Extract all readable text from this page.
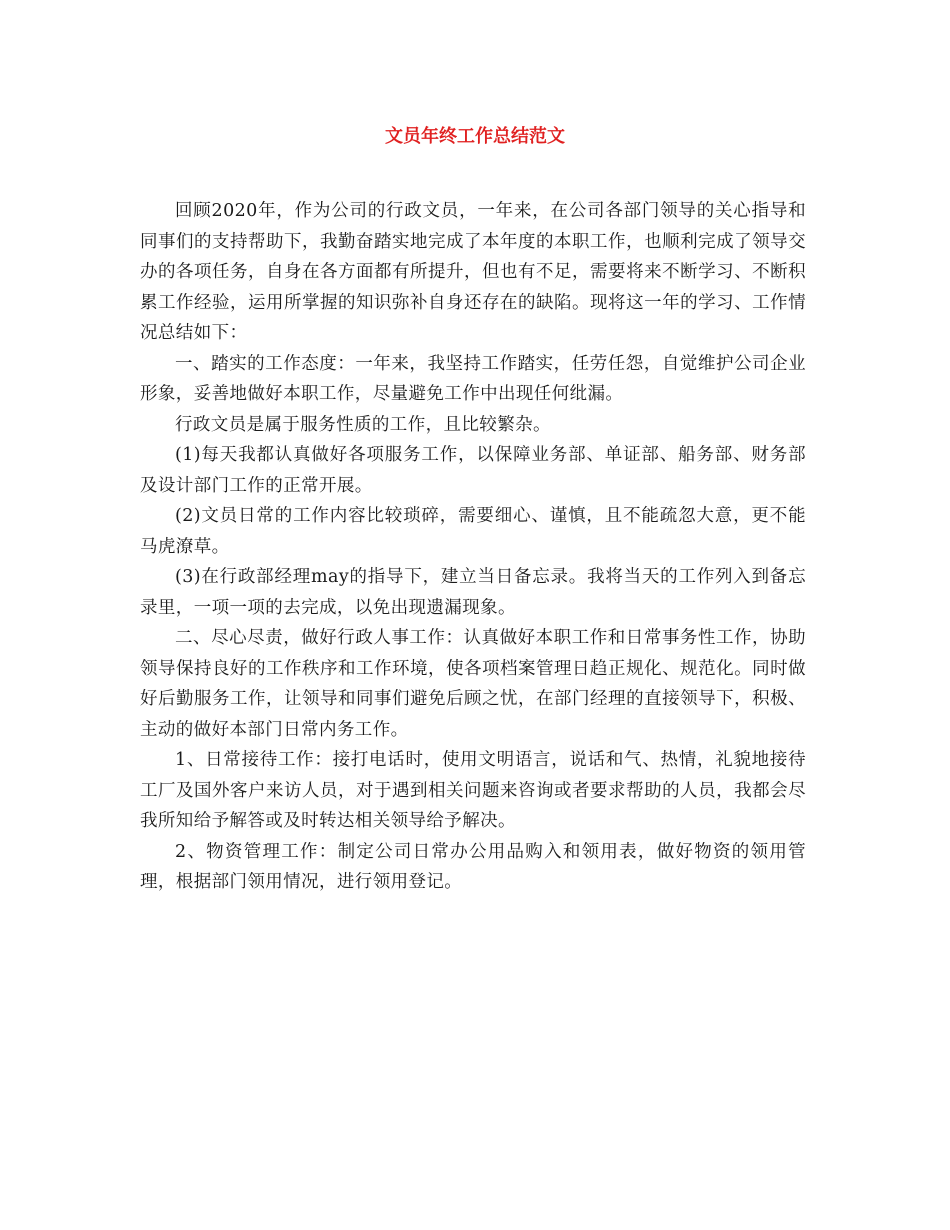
文员年终工作总结范文

回顾2020年，作为公司的行政文员，一年来，在公司各部门领导的关心指导和同事们的支持帮助下，我勤奋踏实地完成了本年度的本职工作，也顺利完成了领导交办的各项任务，自身在各方面都有所提升，但也有不足，需要将来不断学习、不断积累工作经验，运用所掌握的知识弥补自身还存在的缺陷。现将这一年的学习、工作情况总结如下：

一、踏实的工作态度：一年来，我坚持工作踏实，任劳任怨，自觉维护公司企业形象，妥善地做好本职工作，尽量避免工作中出现任何纰漏。

行政文员是属于服务性质的工作，且比较繁杂。

(1)每天我都认真做好各项服务工作，以保障业务部、单证部、船务部、财务部及设计部门工作的正常开展。

(2)文员日常的工作内容比较琐碎，需要细心、谨慎，且不能疏忽大意，更不能马虎潦草。

(3)在行政部经理may的指导下，建立当日备忘录。我将当天的工作列入到备忘录里，一项一项的去完成，以免出现遗漏现象。

二、尽心尽责，做好行政人事工作：认真做好本职工作和日常事务性工作，协助领导保持良好的工作秩序和工作环境，使各项档案管理日趋正规化、规范化。同时做好后勤服务工作，让领导和同事们避免后顾之忧，在部门经理的直接领导下，积极、主动的做好本部门日常内务工作。

1、日常接待工作：接打电话时，使用文明语言，说话和气、热情，礼貌地接待工厂及国外客户来访人员，对于遇到相关问题来咨询或者要求帮助的人员，我都会尽我所知给予解答或及时转达相关领导给予解决。

2、物资管理工作：制定公司日常办公用品购入和领用表，做好物资的领用管理，根据部门领用情况，进行领用登记。
